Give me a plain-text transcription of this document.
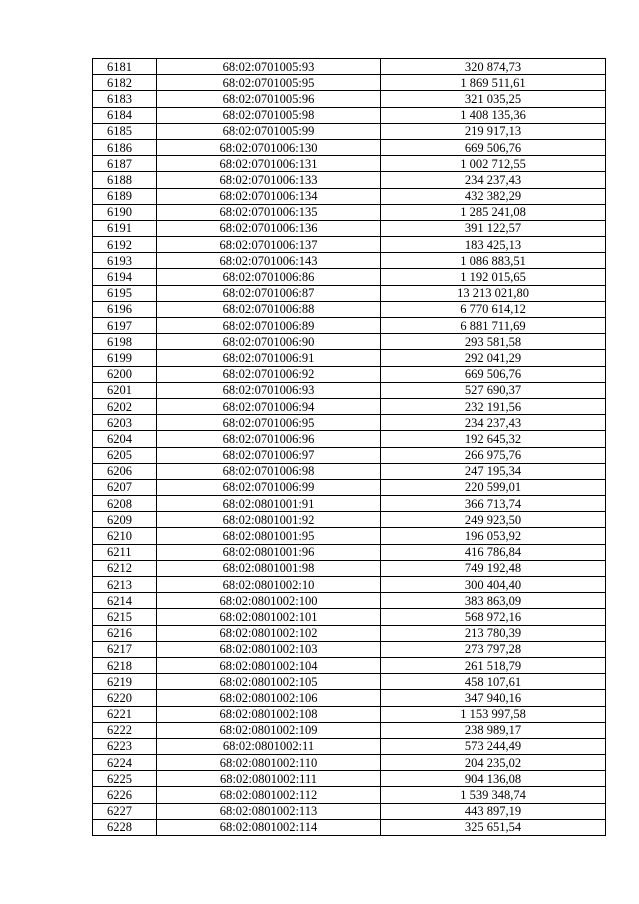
6181	68:02:0701005:93	320 874,73
6182	68:02:0701005:95	1 869 511,61
6183	68:02:0701005:96	321 035,25
6184	68:02:0701005:98	1 408 135,36
6185	68:02:0701005:99	219 917,13
6186	68:02:0701006:130	669 506,76
6187	68:02:0701006:131	1 002 712,55
6188	68:02:0701006:133	234 237,43
6189	68:02:0701006:134	432 382,29
6190	68:02:0701006:135	1 285 241,08
6191	68:02:0701006:136	391 122,57
6192	68:02:0701006:137	183 425,13
6193	68:02:0701006:143	1 086 883,51
6194	68:02:0701006:86	1 192 015,65
6195	68:02:0701006:87	13 213 021,80
6196	68:02:0701006:88	6 770 614,12
6197	68:02:0701006:89	6 881 711,69
6198	68:02:0701006:90	293 581,58
6199	68:02:0701006:91	292 041,29
6200	68:02:0701006:92	669 506,76
6201	68:02:0701006:93	527 690,37
6202	68:02:0701006:94	232 191,56
6203	68:02:0701006:95	234 237,43
6204	68:02:0701006:96	192 645,32
6205	68:02:0701006:97	266 975,76
6206	68:02:0701006:98	247 195,34
6207	68:02:0701006:99	220 599,01
6208	68:02:0801001:91	366 713,74
6209	68:02:0801001:92	249 923,50
6210	68:02:0801001:95	196 053,92
6211	68:02:0801001:96	416 786,84
6212	68:02:0801001:98	749 192,48
6213	68:02:0801002:10	300 404,40
6214	68:02:0801002:100	383 863,09
6215	68:02:0801002:101	568 972,16
6216	68:02:0801002:102	213 780,39
6217	68:02:0801002:103	273 797,28
6218	68:02:0801002:104	261 518,79
6219	68:02:0801002:105	458 107,61
6220	68:02:0801002:106	347 940,16
6221	68:02:0801002:108	1 153 997,58
6222	68:02:0801002:109	238 989,17
6223	68:02:0801002:11	573 244,49
6224	68:02:0801002:110	204 235,02
6225	68:02:0801002:111	904 136,08
6226	68:02:0801002:112	1 539 348,74
6227	68:02:0801002:113	443 897,19
6228	68:02:0801002:114	325 651,54
